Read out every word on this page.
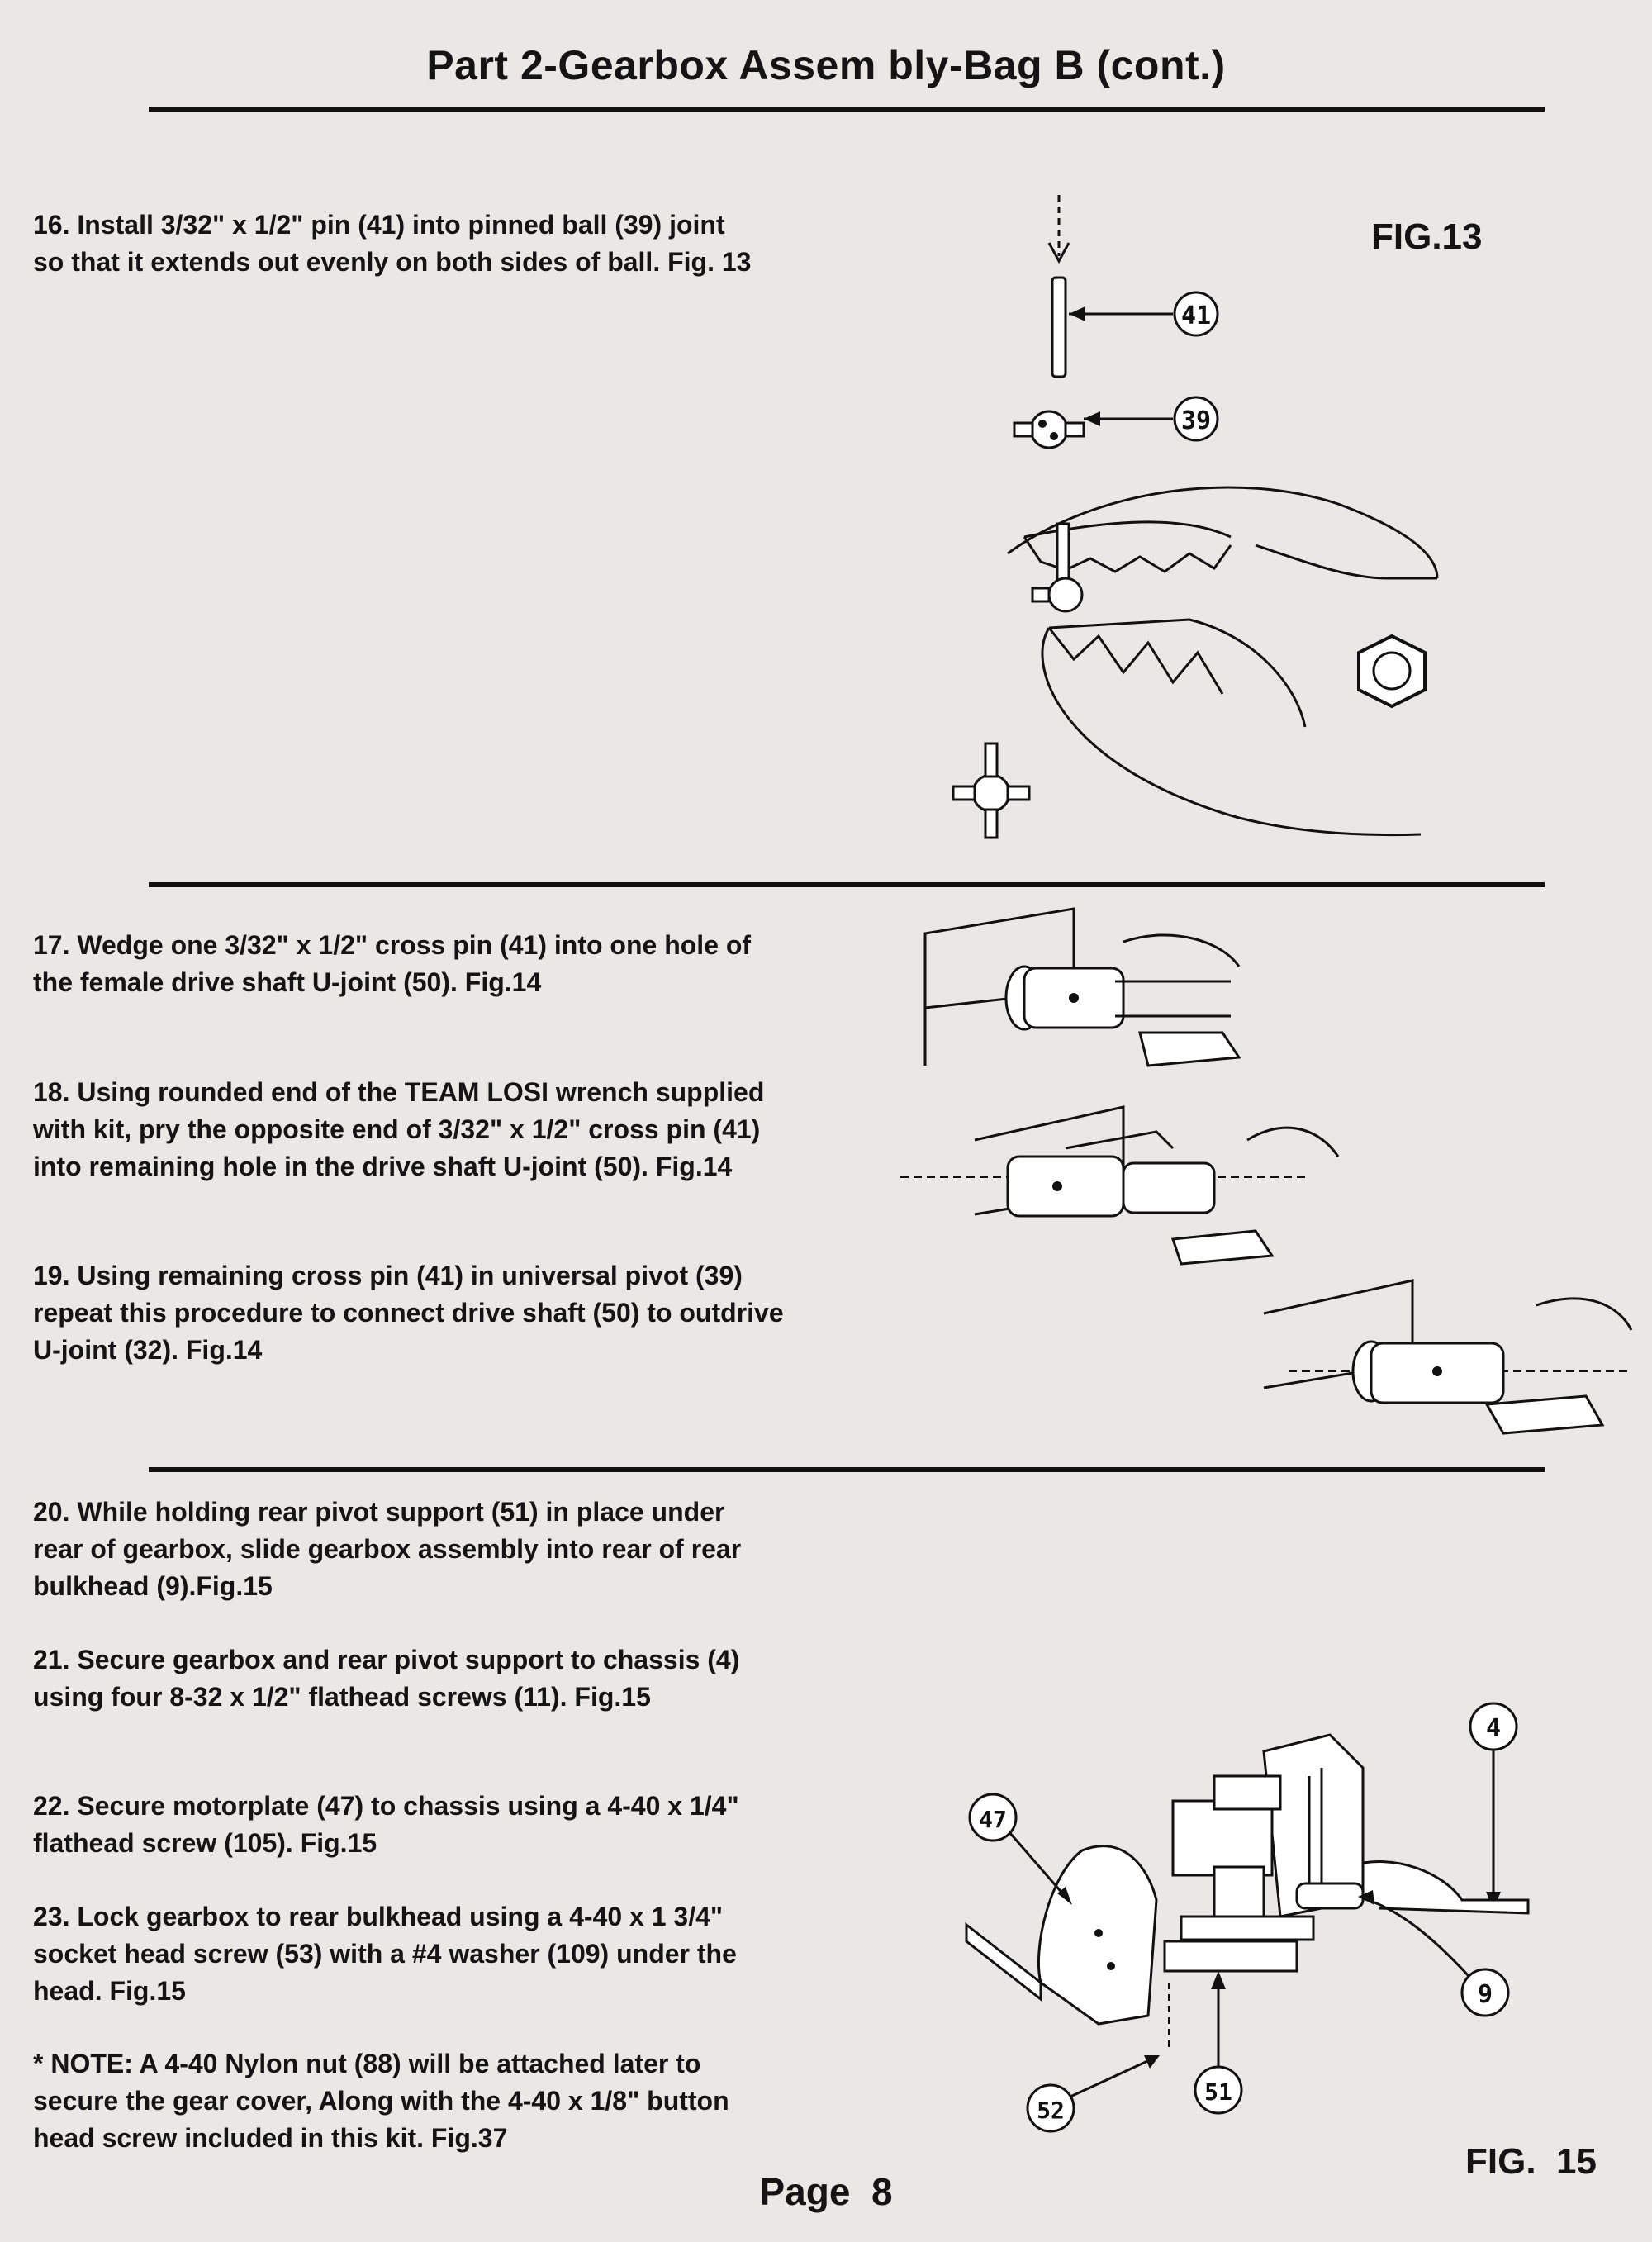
Part 2-Gearbox Assem bly-Bag B (cont.)

16. Install 3/32" x 1/2" pin (41) into pinned ball (39) joint so that it extends out evenly on both sides of ball. Fig. 13

FIG.13
41
39

17. Wedge one 3/32" x 1/2" cross pin (41) into one hole of the female drive shaft U-joint (50). Fig.14

18. Using rounded end of the TEAM LOSI wrench supplied with kit, pry the opposite end of 3/32" x 1/2" cross pin (41) into remaining hole in the drive shaft U-joint (50). Fig.14

19. Using remaining cross pin (41) in universal pivot (39) repeat this procedure to connect drive shaft (50) to outdrive U-joint (32). Fig.14

20. While holding rear pivot support (51) in place under rear of gearbox, slide gearbox assembly into rear of rear bulkhead (9).Fig.15

21. Secure gearbox and rear pivot support to chassis (4) using four 8-32 x 1/2" flathead screws (11). Fig.15

22. Secure motorplate (47) to chassis using a 4-40 x 1/4" flathead screw (105). Fig.15

23. Lock gearbox to rear bulkhead using a 4-40 x 1 3/4" socket head screw (53) with a #4 washer (109) under the head. Fig.15

* NOTE: A 4-40 Nylon nut (88) will be attached later to secure the gear cover, Along with the 4-40 x 1/8" button head screw included in this kit. Fig.37

4
47
9
51
52
FIG.  15
Page  8
